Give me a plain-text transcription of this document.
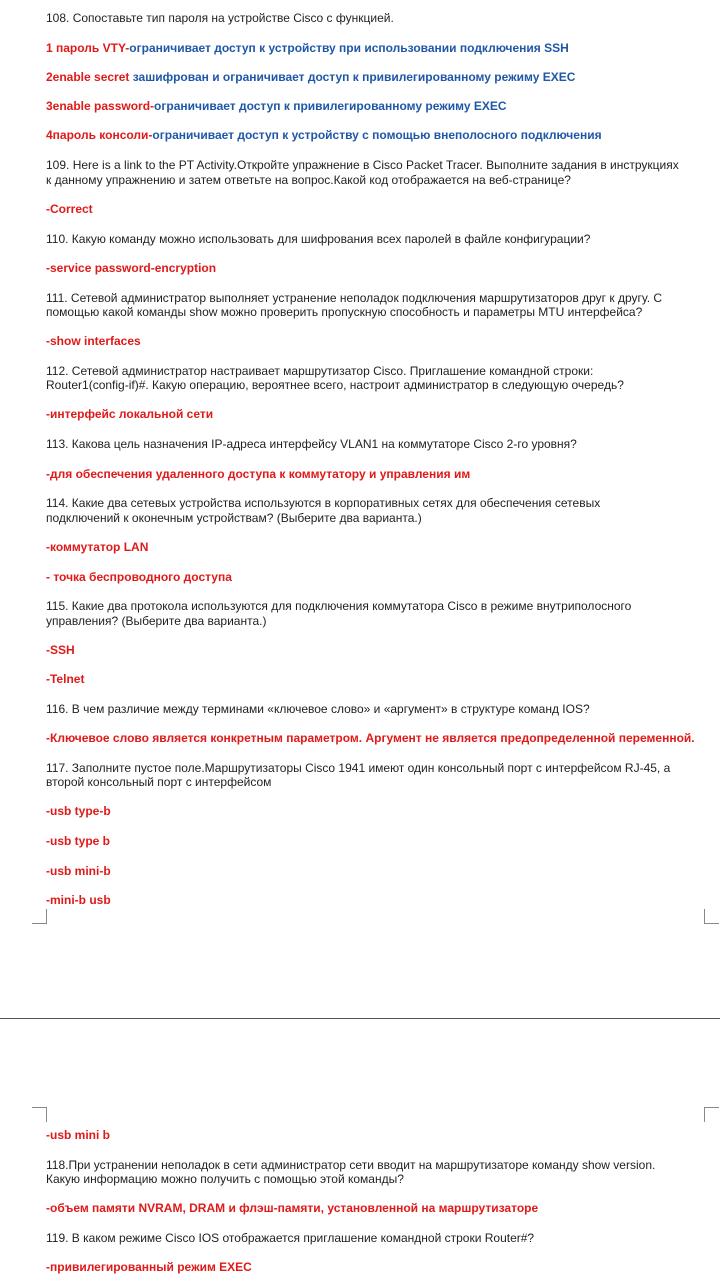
108. Сопоставьте тип пароля на устройстве Cisco с функцией.
1 пароль VTY-ограничивает доступ к устройству при использовании подключения SSH
2enable secret зашифрован и ограничивает доступ к привилегированному режиму EXEC
3enable password-ограничивает доступ к привилегированному режиму EXEC
4пароль консоли-ограничивает доступ к устройству с помощью внеполосного подключения
109. Here is a link to the PT Activity.Откройте упражнение в Cisco Packet Tracer. Выполните задания в инструкциях
к данному упражнению и затем ответьте на вопрос.Какой код отображается на веб-странице?
-Correct
110. Какую команду можно использовать для шифрования всех паролей в файле конфигурации?
-service password-encryption
111. Сетевой администратор выполняет устранение неполадок подключения маршрутизаторов друг к другу. С
помощью какой команды show можно проверить пропускную способность и параметры MTU интерфейса?
-show interfaces
112. Сетевой администратор настраивает маршрутизатор Cisco. Приглашение командной строки:
Router1(config-if)#. Какую операцию, вероятнее всего, настроит администратор в следующую очередь?
-интерфейс локальной сети
113. Какова цель назначения IP-адреса интерфейсу VLAN1 на коммутаторе Cisco 2-го уровня?
-для обеспечения удаленного доступа к коммутатору и управления им
114. Какие два сетевых устройства используются в корпоративных сетях для обеспечения сетевых
подключений к оконечным устройствам? (Выберите два варианта.)
-коммутатор LAN
- точка беспроводного доступа
115. Какие два протокола используются для подключения коммутатора Cisco в режиме внутриполосного
управления? (Выберите два варианта.)
-SSH
-Telnet
116. В чем различие между терминами «ключевое слово» и «аргумент» в структуре команд IOS?
-Ключевое слово является конкретным параметром. Аргумент не является предопределенной переменной.
117. Заполните пустое поле.Маршрутизаторы Cisco 1941 имеют один консольный порт с интерфейсом RJ-45, а
второй консольный порт с интерфейсом
-usb type-b
-usb type b
-usb mini-b
-mini-b usb
-usb mini b
118.При устранении неполадок в сети администратор сети вводит на маршрутизаторе команду show version.
Какую информацию можно получить с помощью этой команды?
-объем памяти NVRAM, DRAM и флэш-памяти, установленной на маршрутизаторе
119. В каком режиме Cisco IOS отображается приглашение командной строки Router#?
-привилегированный режим EXEC
